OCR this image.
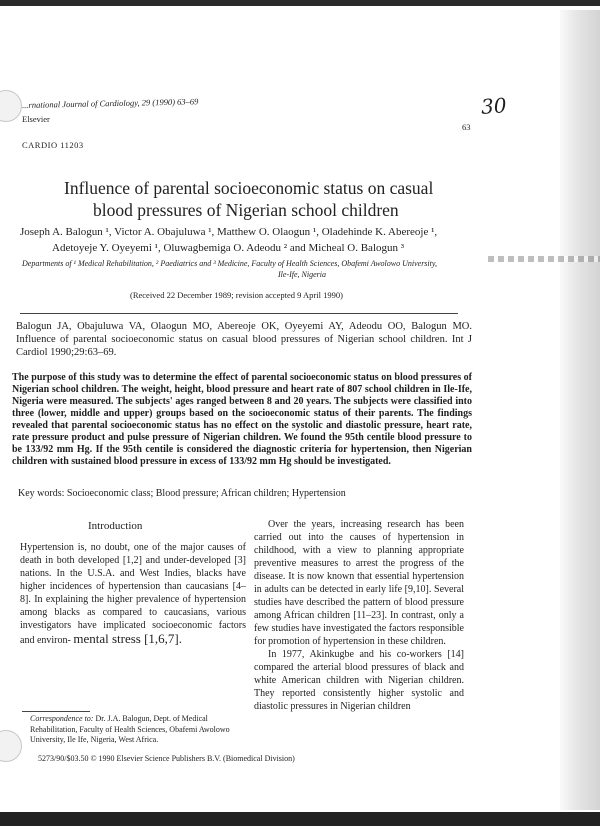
...rnational Journal of Cardiology, 29 (1990) 63–69
Elsevier
30
63
CARDIO 11203
Influence of parental socioeconomic status on casual
blood pressures of Nigerian school children
Joseph A. Balogun ¹, Victor A. Obajuluwa ¹, Matthew O. Olaogun ¹, Oladehinde K. Abereoje ¹,
Adetoyeje Y. Oyeyemi ¹, Oluwagbemiga O. Adeodu ² and Micheal O. Balogun ³
Departments of ¹ Medical Rehabilitation, ² Paediatrics and ³ Medicine, Faculty of Health Sciences, Obafemi Awolowo University,
Ile-Ife, Nigeria
(Received 22 December 1989; revision accepted 9 April 1990)
Balogun JA, Obajuluwa VA, Olaogun MO, Abereoje OK, Oyeyemi AY, Adeodu OO, Balogun MO. Influence of parental socioeconomic status on casual blood pressures of Nigerian school children. Int J Cardiol 1990;29:63–69.
The purpose of this study was to determine the effect of parental socioeconomic status on blood pressures of Nigerian school children. The weight, height, blood pressure and heart rate of 807 school children in Ile-Ife, Nigeria were measured. The subjects' ages ranged between 8 and 20 years. The subjects were classified into three (lower, middle and upper) groups based on the socioeconomic status of their parents. The findings revealed that parental socioeconomic status has no effect on the systolic and diastolic pressure, heart rate, rate pressure product and pulse pressure of Nigerian children. We found the 95th centile blood pressure to be 133/92 mm Hg. If the 95th centile is considered the diagnostic criteria for hypertension, then Nigerian children with sustained blood pressure in excess of 133/92 mm Hg should be investigated.
Key words: Socioeconomic class; Blood pressure; African children; Hypertension
Introduction
Hypertension is, no doubt, one of the major causes of death in both developed [1,2] and under-developed [3] nations. In the U.S.A. and West Indies, blacks have higher incidences of hypertension than caucasians [4–8]. In explaining the higher prevalence of hypertension among blacks as compared to caucasians, various investigators have implicated socioeconomic factors and environ- mental stress [1,6,7].
Over the years, increasing research has been carried out into the causes of hypertension in childhood, with a view to planning appropriate preventive measures to arrest the progress of the disease. It is now known that essential hypertension in adults can be detected in early life [9,10]. Several studies have described the pattern of blood pressure among African children [11–23]. In contrast, only a few studies have investigated the factors responsible for promotion of hypertension in these children.
In 1977, Akinkugbe and his co-workers [14] compared the arterial blood pressures of black and white American children with Nigerian children. They reported consistently higher systolic and diastolic pressures in Nigerian children
Correspondence to: Dr. J.A. Balogun, Dept. of Medical Rehabilitation, Faculty of Health Sciences, Obafemi Awolowo University, Ile Ife, Nigeria, West Africa.
5273/90/$03.50 © 1990 Elsevier Science Publishers B.V. (Biomedical Division)
